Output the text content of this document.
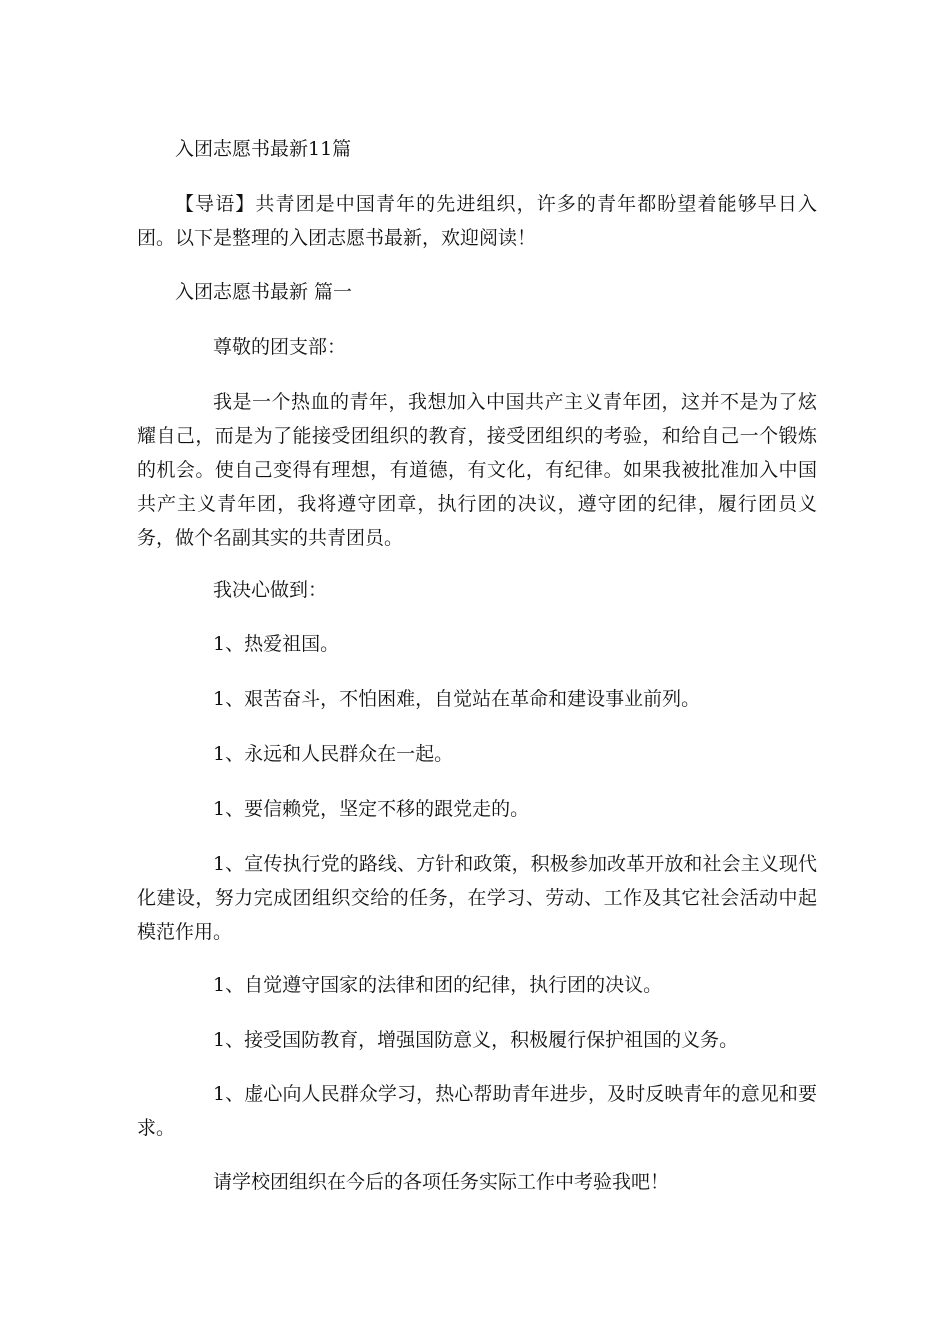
入团志愿书最新11篇

【导语】共青团是中国青年的先进组织，许多的青年都盼望着能够早日入团。以下是整理的入团志愿书最新，欢迎阅读！

入团志愿书最新 篇一
尊敬的团支部：

我是一个热血的青年，我想加入中国共产主义青年团，这并不是为了炫耀自己，而是为了能接受团组织的教育，接受团组织的考验，和给自己一个锻炼的机会。使自己变得有理想，有道德，有文化，有纪律。如果我被批准加入中国共产主义青年团，我将遵守团章，执行团的决议，遵守团的纪律，履行团员义务，做个名副其实的共青团员。

我决心做到：
1、热爱祖国。
1、艰苦奋斗，不怕困难，自觉站在革命和建设事业前列。
1、永远和人民群众在一起。
1、要信赖党，坚定不移的跟党走的。

1、宣传执行党的路线、方针和政策，积极参加改革开放和社会主义现代化建设，努力完成团组织交给的任务，在学习、劳动、工作及其它社会活动中起模范作用。

1、自觉遵守国家的法律和团的纪律，执行团的决议。
1、接受国防教育，增强国防意义，积极履行保护祖国的义务。

1、虚心向人民群众学习，热心帮助青年进步，及时反映青年的意见和要求。

请学校团组织在今后的各项任务实际工作中考验我吧！
